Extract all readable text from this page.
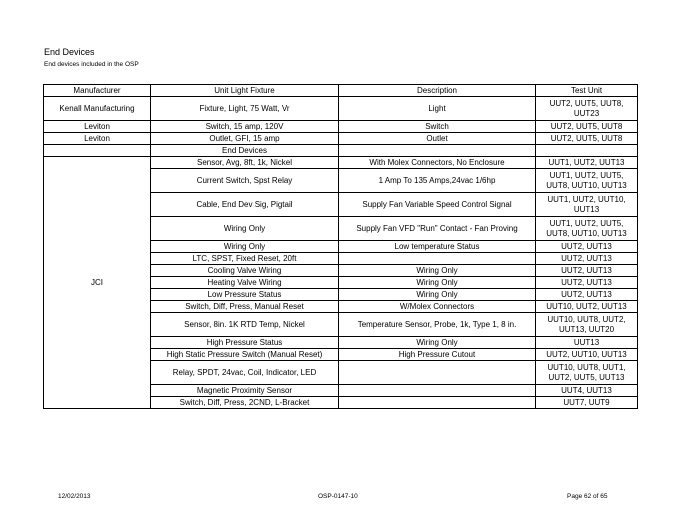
End Devices
End devices included in the OSP
Manufacturer	Unit Light Fixture	Description	Test Unit
Kenall Manufacturing	Fixture, Light, 75 Watt, Vr	Light	UUT2, UUT5, UUT8, UUT23
Leviton	Switch, 15 amp, 120V	Switch	UUT2, UUT5, UUT8
Leviton	Outlet, GFI, 15 amp	Outlet	UUT2, UUT5, UUT8
	End Devices		
JCI	Sensor, Avg, 8ft, 1k, Nickel	With Molex Connectors, No Enclosure	UUT1, UUT2, UUT13
	Current Switch, Spst Relay	1 Amp To 135 Amps,24vac 1/6hp	UUT1, UUT2, UUT5, UUT8, UUT10, UUT13
	Cable, End Dev Sig, Pigtail	Supply Fan Variable Speed Control Signal	UUT1, UUT2, UUT10, UUT13
	Wiring Only	Supply Fan VFD "Run" Contact - Fan Proving	UUT1, UUT2, UUT5, UUT8, UUT10, UUT13
	Wiring Only	Low temperature Status	UUT2, UUT13
	LTC, SPST, Fixed Reset, 20ft		UUT2, UUT13
	Cooling Valve Wiring	Wiring Only	UUT2, UUT13
	Heating Valve Wiring	Wiring Only	UUT2, UUT13
	Low Pressure Status	Wiring Only	UUT2, UUT13
	Switch, Diff, Press, Manual Reset	W/Molex Connectors	UUT10, UUT2, UUT13
	Sensor, 8in. 1K RTD Temp, Nickel	Temperature Sensor, Probe, 1k, Type 1, 8 in.	UUT10, UUT8, UUT2, UUT13, UUT20
	High Pressure Status	Wiring Only	UUT13
	High Static Pressure Switch (Manual Reset)	High Pressure Cutout	UUT2, UUT10, UUT13
	Relay, SPDT, 24vac, Coil, Indicator, LED		UUT10, UUT8, UUT1, UUT2, UUT5, UUT13
	Magnetic Proximity Sensor		UUT4, UUT13
	Switch, Diff, Press, 2CND, L-Bracket		UUT7, UUT9
12/02/2013	OSP-0147-10	Page 62 of 65
